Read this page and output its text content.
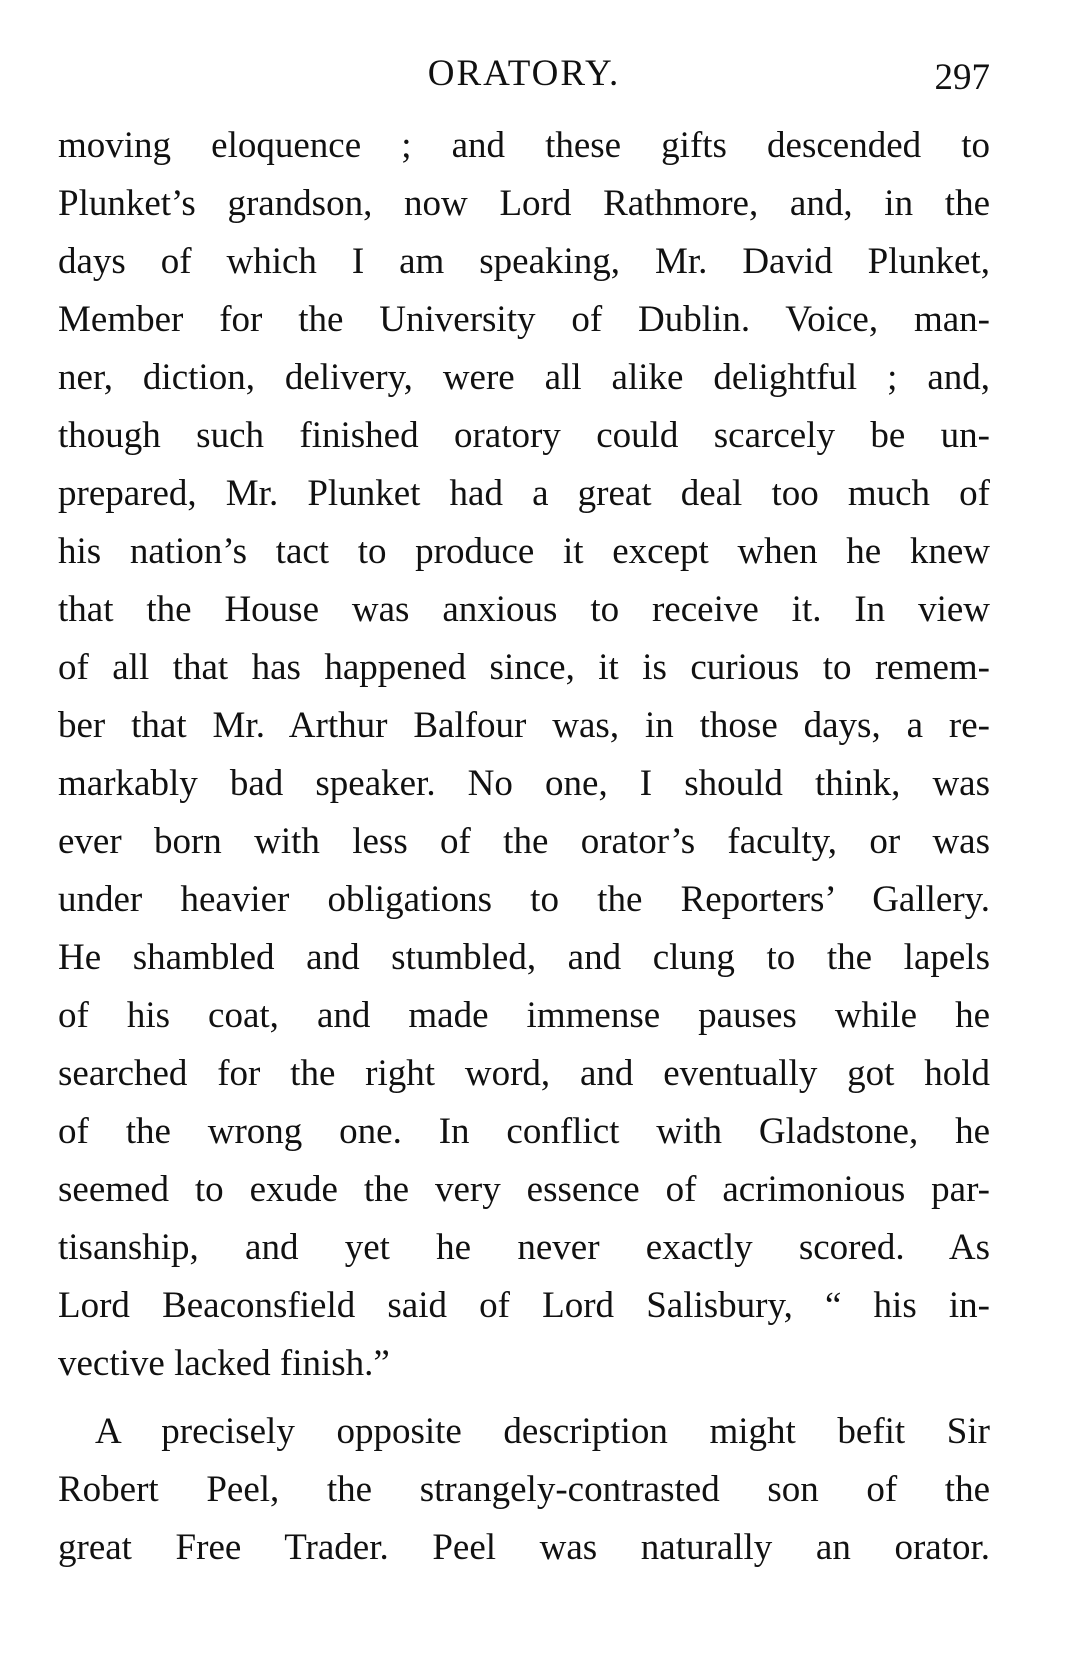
ORATORY.	297
moving eloquence ; and these gifts descended to
Plunket’s grandson, now Lord Rathmore, and, in the
days of which I am speaking, Mr. David Plunket,
Member for the University of Dublin. Voice, man-
ner, diction, delivery, were all alike delightful ; and,
though such finished oratory could scarcely be un-
prepared, Mr. Plunket had a great deal too much of
his nation’s tact to produce it except when he knew
that the House was anxious to receive it. In view
of all that has happened since, it is curious to remem-
ber that Mr. Arthur Balfour was, in those days, a re-
markably bad speaker. No one, I should think, was
ever born with less of the orator’s faculty, or was
under heavier obligations to the Reporters’ Gallery.
He shambled and stumbled, and clung to the lapels
of his coat, and made immense pauses while he
searched for the right word, and eventually got hold
of the wrong one. In conflict with Gladstone, he
seemed to exude the very essence of acrimonious par-
tisanship, and yet he never exactly scored. As
Lord Beaconsfield said of Lord Salisbury, “ his in-
vective lacked finish.”
A precisely opposite description might befit Sir
Robert Peel, the strangely-contrasted son of the
great Free Trader. Peel was naturally an orator.
